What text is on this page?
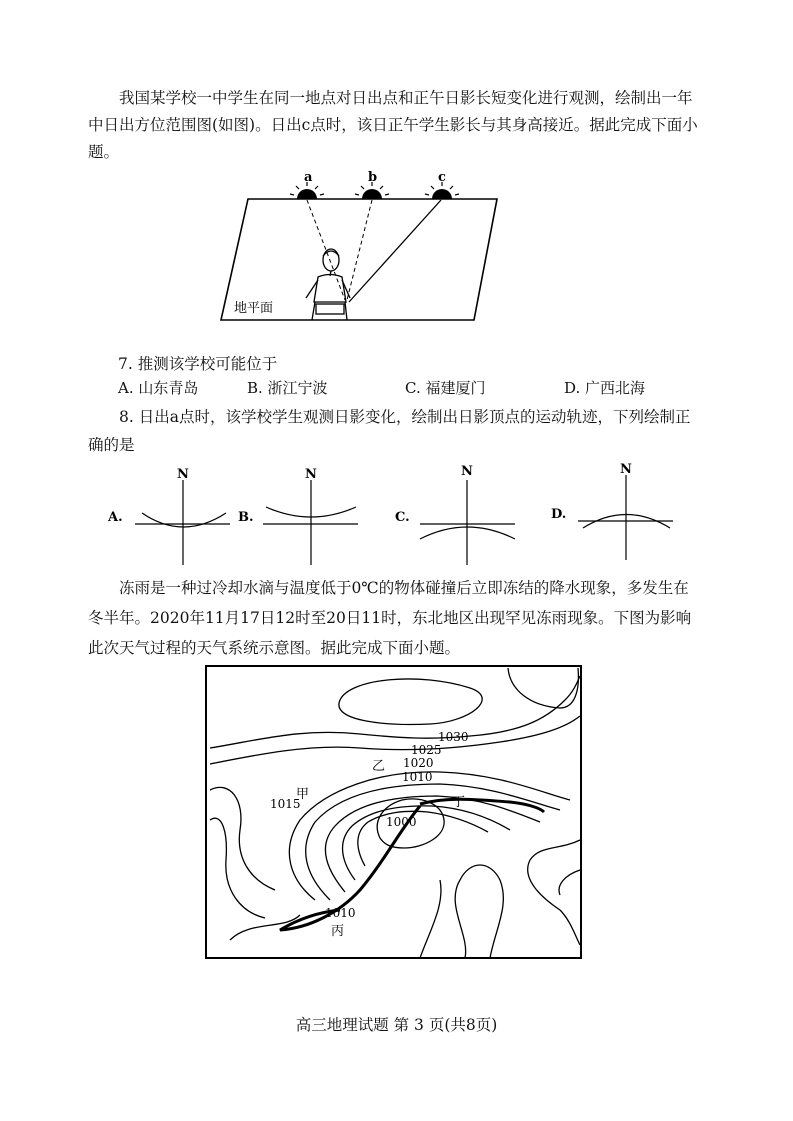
我国某学校一中学生在同一地点对日出点和正午日影长短变化进行观测，绘制出一年中日出方位范围图(如图)。日出c点时，该日正午学生影长与其身高接近。据此完成下面小题。
a	b	c
地平面
7. 推测该学校可能位于
A. 山东青岛	B. 浙江宁波	C. 福建厦门	D. 广西北海
8. 日出a点时，该学校学生观测日影变化，绘制出日影顶点的运动轨迹，下列绘制正确的是
N	N	N	N
A.	B.	C.	D.
冻雨是一种过冷却水滴与温度低于0℃的物体碰撞后立即冻结的降水现象，多发生在冬半年。2020年11月17日12时至20日11时，东北地区出现罕见冻雨现象。下图为影响此次天气过程的天气系统示意图。据此完成下面小题。
1030
1025
1020
1010
1015
1000
1010
甲
乙
丙
丁
高三地理试题 第 3 页(共8页)
